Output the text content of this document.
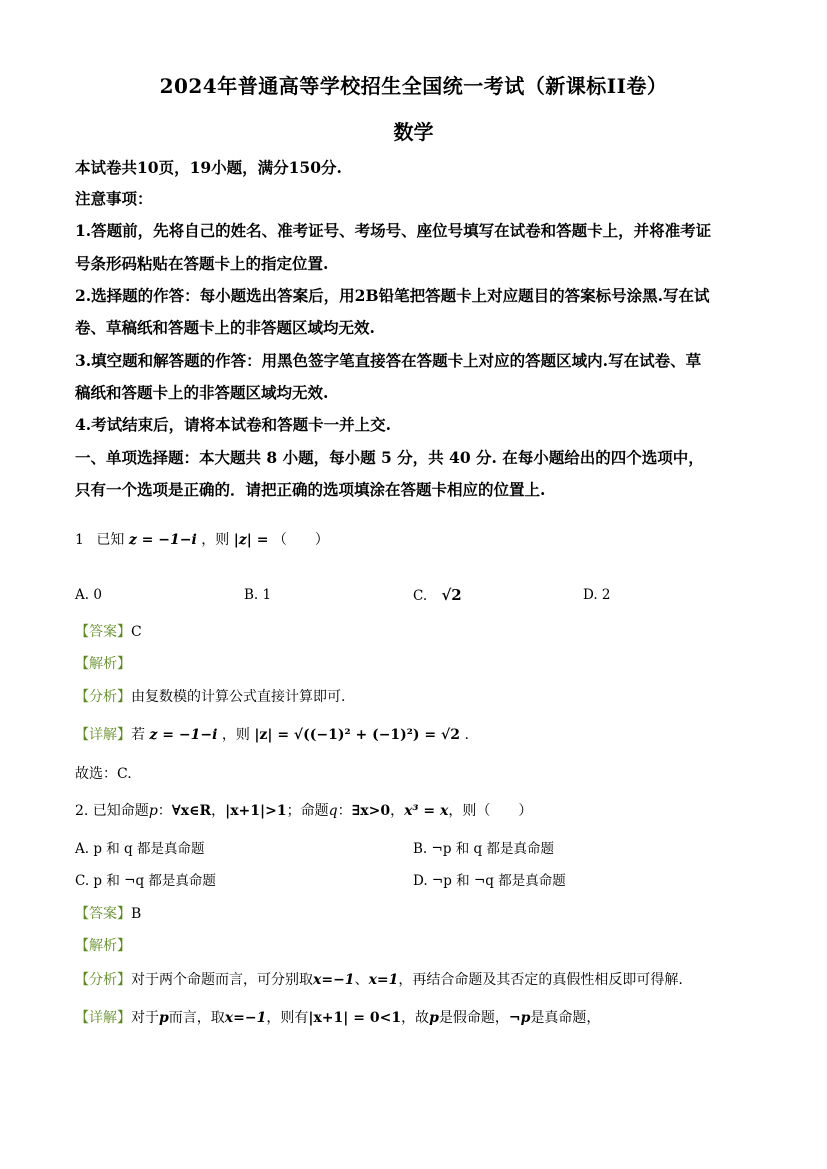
2024年普通高等学校招生全国统一考试（新课标II卷）
数学
本试卷共10页，19小题，满分150分.
注意事项：
1.答题前，先将自己的姓名、准考证号、考场号、座位号填写在试卷和答题卡上，并将准考证
号条形码粘贴在答题卡上的指定位置.
2.选择题的作答：每小题选出答案后，用2B铅笔把答题卡上对应题目的答案标号涂黑.写在试
卷、草稿纸和答题卡上的非答题区域均无效.
3.填空题和解答题的作答：用黑色签字笔直接答在答题卡上对应的答题区域内.写在试卷、草
稿纸和答题卡上的非答题区域均无效.
4.考试结束后，请将本试卷和答题卡一并上交.
一、单项选择题：本大题共 8 小题，每小题 5 分，共 40 分. 在每小题给出的四个选项中，
只有一个选项是正确的．请把正确的选项填涂在答题卡相应的位置上.
1 已知 z = −1−i ，则 |z| = （　　）
A. 0	B. 1	C. √2	D. 2
【答案】C
【解析】
【分析】由复数模的计算公式直接计算即可.
【详解】若 z = −1−i ，则 |z| = √((−1)² + (−1)²) = √2 .
故选：C.
2. 已知命题p：∀x∈R，|x+1|>1；命题q：∃x>0，x³ = x，则（　　）
A. p 和 q 都是真命题	B. ¬p 和 q 都是真命题
C. p 和 ¬q 都是真命题	D. ¬p 和 ¬q 都是真命题
【答案】B
【解析】
【分析】对于两个命题而言，可分别取x=−1、x=1，再结合命题及其否定的真假性相反即可得解.
【详解】对于p而言，取x=−1，则有|x+1| = 0<1，故p是假命题，¬p是真命题，
